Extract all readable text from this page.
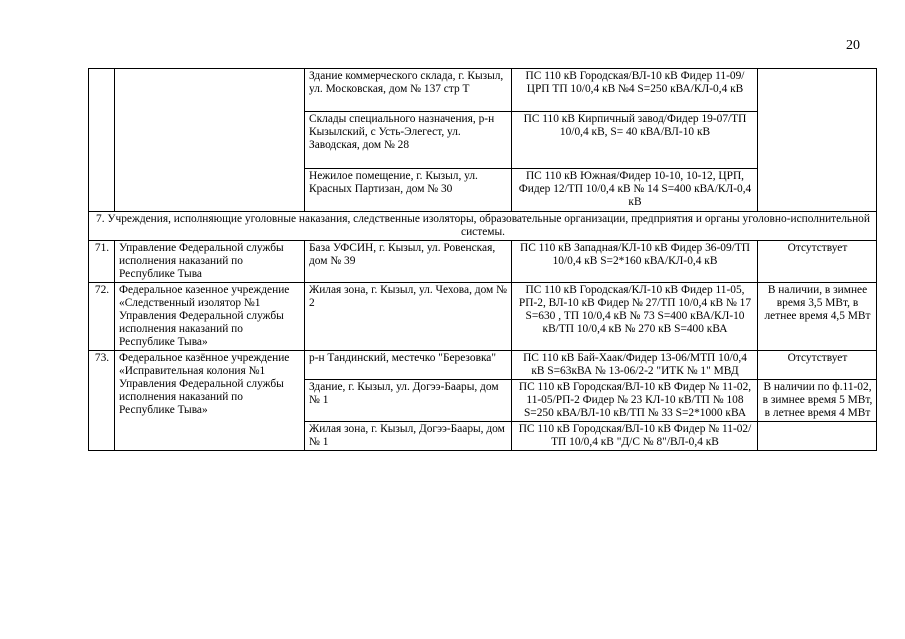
20
		Здание коммерческого склада, г. Кызыл, ул. Московская, дом № 137 стр Т	ПС 110 кВ Городская/ВЛ-10 кВ Фидер 11-09/ЦРП ТП 10/0,4 кВ №4 S=250 кВА/КЛ-0,4 кВ	
		Склады специального назначения, р-н Кызылский, с Усть-Элегест, ул. Заводская, дом № 28	ПС 110 кВ Кирпичный завод/Фидер 19-07/ТП 10/0,4 кВ, S= 40 кВА/ВЛ-10 кВ	
		Нежилое помещение, г. Кызыл, ул. Красных Партизан, дом № 30	ПС 110 кВ Южная/Фидер 10-10, 10-12, ЦРП, Фидер 12/ТП 10/0,4 кВ № 14 S=400 кВА/КЛ-0,4 кВ	
7. Учреждения, исполняющие уголовные наказания, следственные изоляторы, образовательные организации, предприятия и органы уголовно-исполнительной системы.				
71.	Управление Федеральной службы исполнения наказаний по Республике Тыва	База УФСИН, г. Кызыл, ул. Ровенская, дом № 39	ПС 110 кВ Западная/КЛ-10 кВ Фидер 36-09/ТП 10/0,4 кВ S=2*160 кВА/КЛ-0,4 кВ	Отсутствует
72.	Федеральное казенное учреждение «Следственный изолятор №1 Управления Федеральной службы исполнения наказаний по Республике Тыва»	Жилая зона, г. Кызыл, ул. Чехова, дом № 2	ПС 110 кВ Городская/КЛ-10 кВ Фидер 11-05, РП-2, ВЛ-10 кВ Фидер № 27/ТП 10/0,4 кВ № 17 S=630 , ТП 10/0,4 кВ № 73 S=400 кВА/КЛ-10 кВ/ТП 10/0,4 кВ № 270 кВ S=400 кВА	В наличии, в зимнее время 3,5 МВт, в летнее время 4,5 МВт
73.	Федеральное казённое учреждение «Исправительная колония №1 Управления Федеральной службы исполнения наказаний по Республике Тыва»	р-н Тандинский, местечко "Березовка"	ПС 110 кВ Бай-Хаак/Фидер 13-06/МТП 10/0,4 кВ S=63кВА № 13-06/2-2 "ИТК № 1" МВД	Отсутствует
		Здание, г. Кызыл, ул. Догээ-Баары, дом № 1	ПС 110 кВ Городская/ВЛ-10 кВ Фидер № 11-02, 11-05/РП-2 Фидер № 23 КЛ-10 кВ/ТП № 108 S=250 кВА/ВЛ-10 кВ/ТП № 33 S=2*1000 кВА	В наличии по ф.11-02, в зимнее время 5 МВт, в летнее время 4 МВт
		Жилая зона, г. Кызыл, Догээ-Баары, дом № 1	ПС 110 кВ Городская/ВЛ-10 кВ Фидер № 11-02/ТП 10/0,4 кВ "Д/С № 8"/ВЛ-0,4 кВ	
